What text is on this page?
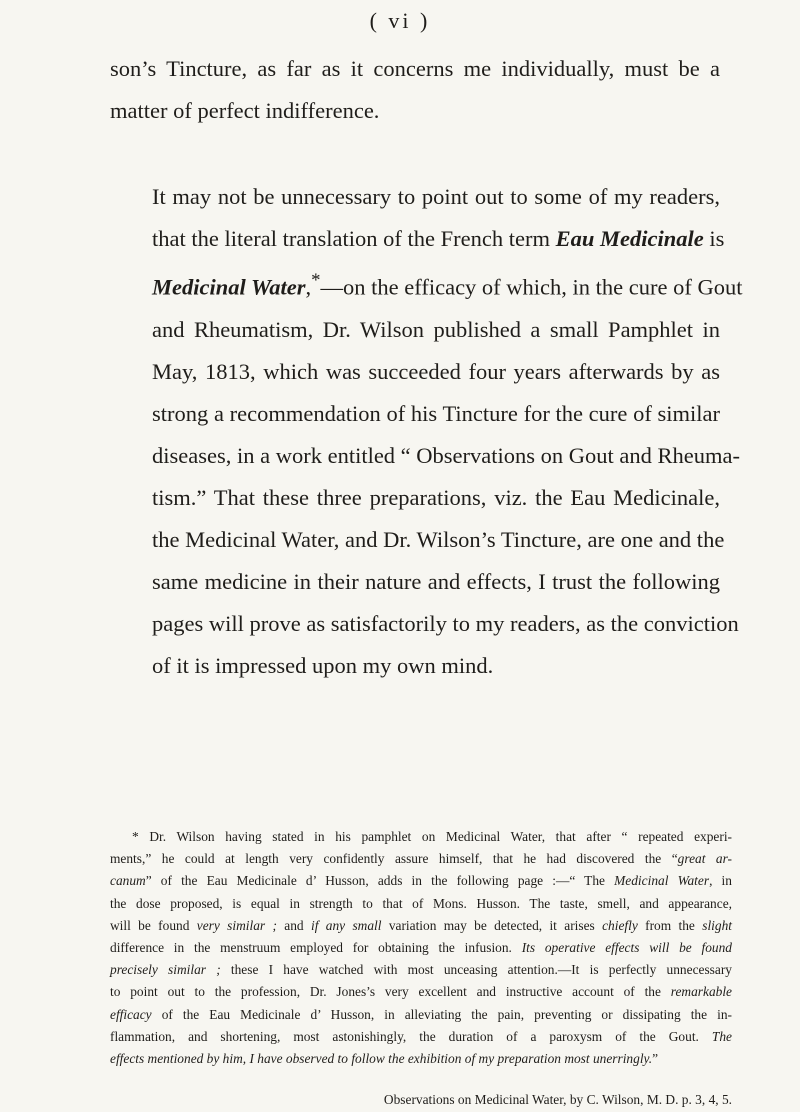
( vi )

son’s Tincture, as far as it concerns me individually, must be a
matter of perfect indifference.

It may not be unnecessary to point out to some of my readers,
that the literal translation of the French term Eau Medicinale is
Medicinal Water,*—on the efficacy of which, in the cure of Gout
and Rheumatism, Dr. Wilson published a small Pamphlet in
May, 1813, which was succeeded four years afterwards by as
strong a recommendation of his Tincture for the cure of similar
diseases, in a work entitled “ Observations on Gout and Rheuma-
tism.” That these three preparations, viz. the Eau Medicinale,
the Medicinal Water, and Dr. Wilson’s Tincture, are one and the
same medicine in their nature and effects, I trust the following
pages will prove as satisfactorily to my readers, as the conviction
of it is impressed upon my own mind.

* Dr. Wilson having stated in his pamphlet on Medicinal Water, that after “ repeated experi-
ments,” he could at length very confidently assure himself, that he had discovered the “great ar-
canum” of the Eau Medicinale d’ Husson, adds in the following page :—“ The Medicinal Water, in
the dose proposed, is equal in strength to that of Mons. Husson. The taste, smell, and appearance,
will be found very similar ; and if any small variation may be detected, it arises chiefly from the slight
difference in the menstruum employed for obtaining the infusion. Its operative effects will be found
precisely similar ; these I have watched with most unceasing attention.—It is perfectly unnecessary
to point out to the profession, Dr. Jones’s very excellent and instructive account of the remarkable
efficacy of the Eau Medicinale d’ Husson, in alleviating the pain, preventing or dissipating the in-
flammation, and shortening, most astonishingly, the duration of a paroxysm of the Gout. The
effects mentioned by him, I have observed to follow the exhibition of my preparation most unerringly.”

Observations on Medicinal Water, by C. Wilson, M. D. p. 3, 4, 5.
